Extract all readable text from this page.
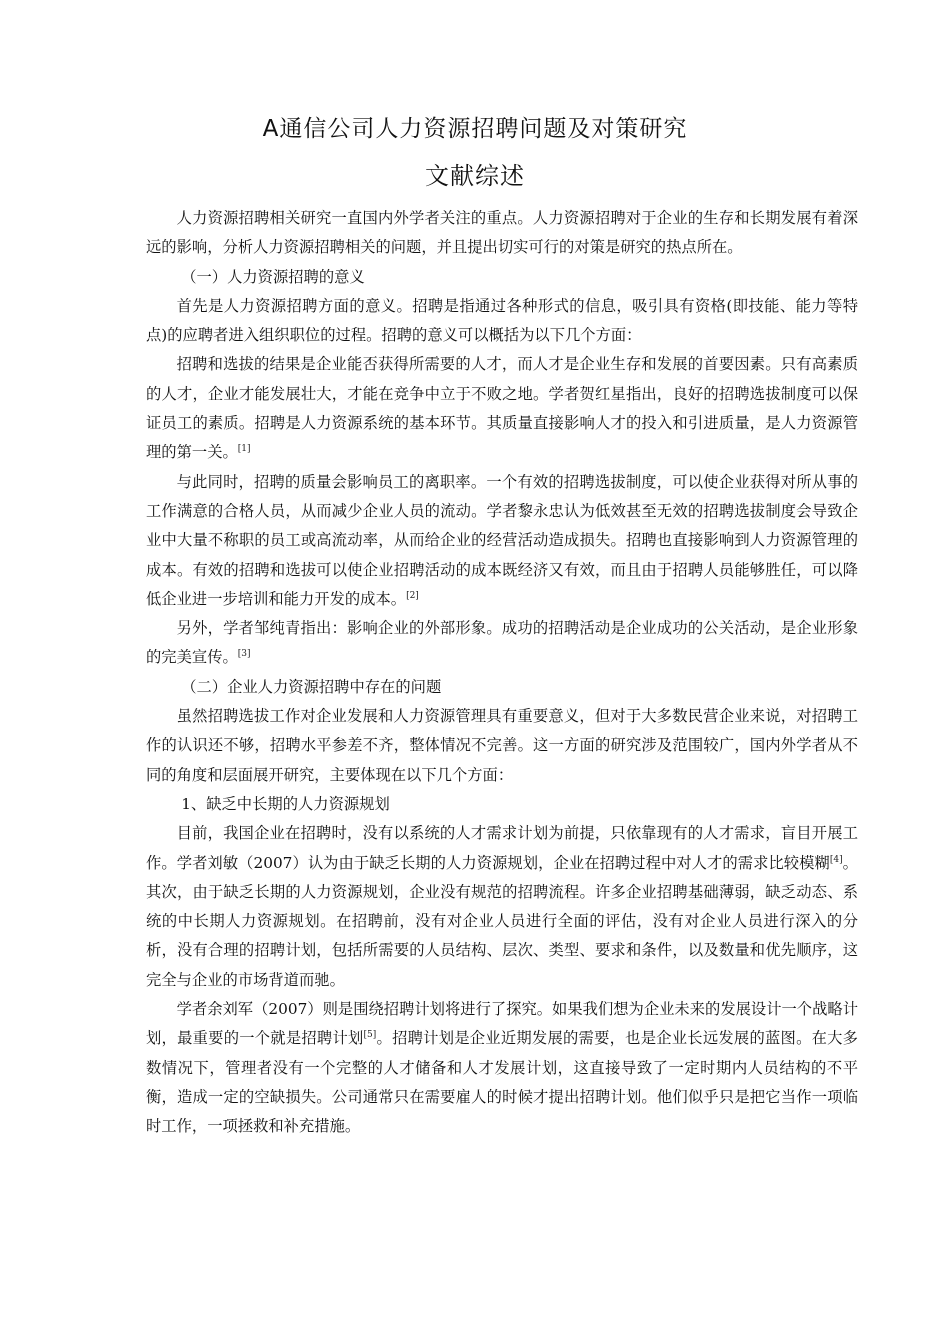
A通信公司人力资源招聘问题及对策研究
文献综述

人力资源招聘相关研究一直国内外学者关注的重点。人力资源招聘对于企业的生存和长期发展有着深远的影响，分析人力资源招聘相关的问题，并且提出切实可行的对策是研究的热点所在。

（一）人力资源招聘的意义

首先是人力资源招聘方面的意义。招聘是指通过各种形式的信息，吸引具有资格(即技能、能力等特点)的应聘者进入组织职位的过程。招聘的意义可以概括为以下几个方面：

招聘和选拔的结果是企业能否获得所需要的人才，而人才是企业生存和发展的首要因素。只有高素质的人才，企业才能发展壮大，才能在竞争中立于不败之地。学者贺红星指出，良好的招聘选拔制度可以保证员工的素质。招聘是人力资源系统的基本环节。其质量直接影响人才的投入和引进质量，是人力资源管理的第一关。[1]

与此同时，招聘的质量会影响员工的离职率。一个有效的招聘选拔制度，可以使企业获得对所从事的工作满意的合格人员，从而减少企业人员的流动。学者黎永忠认为低效甚至无效的招聘选拔制度会导致企业中大量不称职的员工或高流动率，从而给企业的经营活动造成损失。招聘也直接影响到人力资源管理的成本。有效的招聘和选拔可以使企业招聘活动的成本既经济又有效，而且由于招聘人员能够胜任，可以降低企业进一步培训和能力开发的成本。[2]

另外，学者邹纯青指出：影响企业的外部形象。成功的招聘活动是企业成功的公关活动，是企业形象的完美宣传。[3]

（二）企业人力资源招聘中存在的问题

虽然招聘选拔工作对企业发展和人力资源管理具有重要意义，但对于大多数民营企业来说，对招聘工作的认识还不够，招聘水平参差不齐，整体情况不完善。这一方面的研究涉及范围较广，国内外学者从不同的角度和层面展开研究，主要体现在以下几个方面：

1、缺乏中长期的人力资源规划

目前，我国企业在招聘时，没有以系统的人才需求计划为前提，只依靠现有的人才需求，盲目开展工作。学者刘敏（2007）认为由于缺乏长期的人力资源规划，企业在招聘过程中对人才的需求比较模糊[4]。其次，由于缺乏长期的人力资源规划，企业没有规范的招聘流程。许多企业招聘基础薄弱，缺乏动态、系统的中长期人力资源规划。在招聘前，没有对企业人员进行全面的评估，没有对企业人员进行深入的分析，没有合理的招聘计划，包括所需要的人员结构、层次、类型、要求和条件，以及数量和优先顺序，这完全与企业的市场背道而驰。

学者余刘军（2007）则是围绕招聘计划将进行了探究。如果我们想为企业未来的发展设计一个战略计划，最重要的一个就是招聘计划[5]。招聘计划是企业近期发展的需要，也是企业长远发展的蓝图。在大多数情况下，管理者没有一个完整的人才储备和人才发展计划，这直接导致了一定时期内人员结构的不平衡，造成一定的空缺损失。公司通常只在需要雇人的时候才提出招聘计划。他们似乎只是把它当作一项临时工作，一项拯救和补充措施。
